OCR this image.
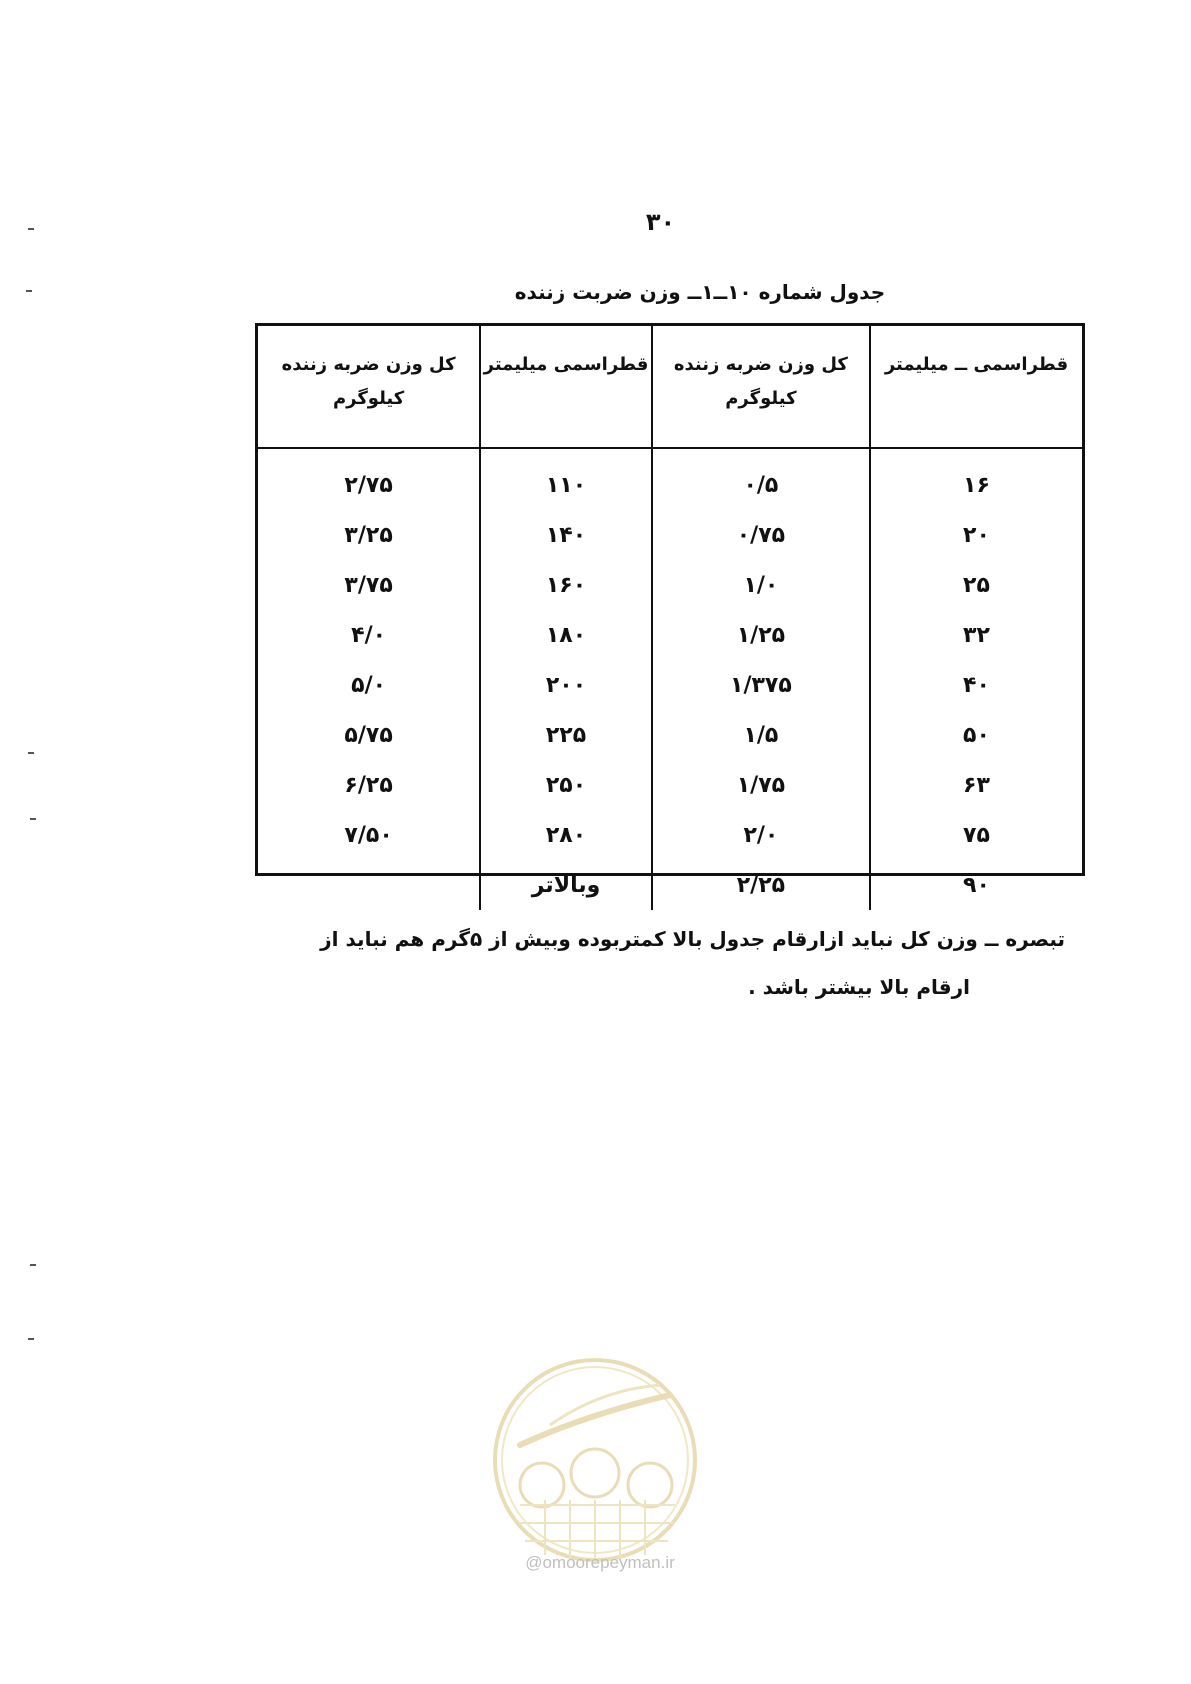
۳۰
جدول شماره ۱۰ــ۱ــ وزن ضربت زننده
قطراسمی ــ میلیمتر	کل وزن ضربه زننده کیلوگرم	قطراسمی میلیمتر	کل وزن ضربه زننده کیلوگرم
۱۶	۰/۵	۱۱۰	۲/۷۵
۲۰	۰/۷۵	۱۴۰	۳/۲۵
۲۵	۱/۰	۱۶۰	۳/۷۵
۳۲	۱/۲۵	۱۸۰	۴/۰
۴۰	۱/۳۷۵	۲۰۰	۵/۰
۵۰	۱/۵	۲۲۵	۵/۷۵
۶۳	۱/۷۵	۲۵۰	۶/۲۵
۷۵	۲/۰	۲۸۰	۷/۵۰
۹۰	۲/۲۵	وبالاتر	
تبصره ــ وزن کل نباید ازارقام جدول بالا کمتربوده وبیش از ۵گرم هم نباید از
ارقام بالا بیشتر باشد .
@omoorepeyman.ir
